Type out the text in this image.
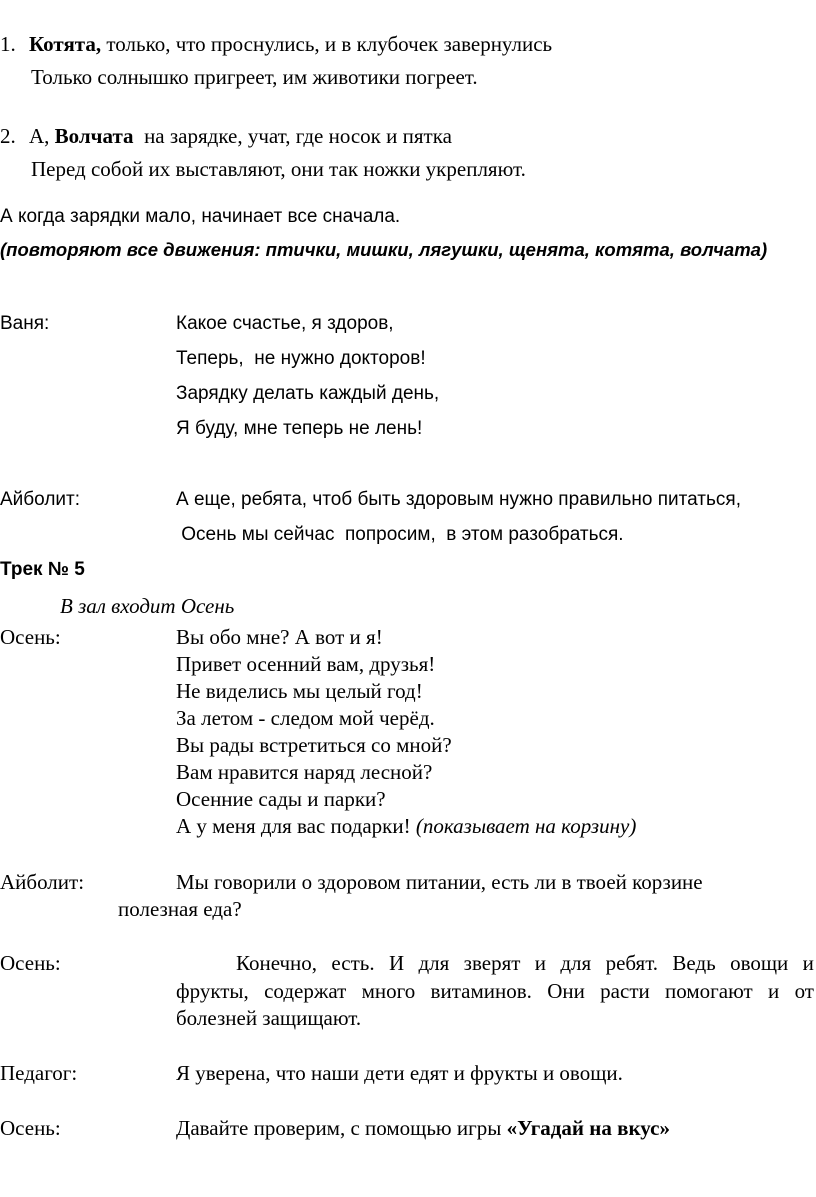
1. Котята, только, что проснулись, и в клубочек завернулись
Только солнышко пригреет, им животики погреет.
2. А, Волчата  на зарядке, учат, где носок и пятка
Перед собой их выставляют, они так ножки укрепляют.
А когда зарядки мало, начинает все сначала.
(повторяют все движения: птички, мишки, лягушки, щенята, котята, волчата)
Ваня:	Какое счастье, я здоров,
Теперь,  не нужно докторов!
Зарядку делать каждый день,
Я буду, мне теперь не лень!
Айболит:	А еще, ребята, чтоб быть здоровым нужно правильно питаться,
Осень мы сейчас  попросим,  в этом разобраться.
Трек № 5
В зал входит Осень
Осень:	Вы обо мне? А вот и я!
Привет осенний вам, друзья!
Не виделись мы целый год!
За летом - следом мой черёд.
Вы рады встретиться со мной?
Вам нравится наряд лесной?
Осенние сады и парки?
А у меня для вас подарки! (показывает на корзину)
Айболит:	Мы говорили о здоровом питании, есть ли в твоей корзине
полезная еда?
Осень:	Конечно, есть. И для зверят и для ребят. Ведь овощи и
фрукты, содержат много витаминов. Они расти помогают и от
болезней защищают.
Педагог:	Я уверена, что наши дети едят и фрукты и овощи.
Осень:	Давайте проверим, с помощью игры «Угадай на вкус»
